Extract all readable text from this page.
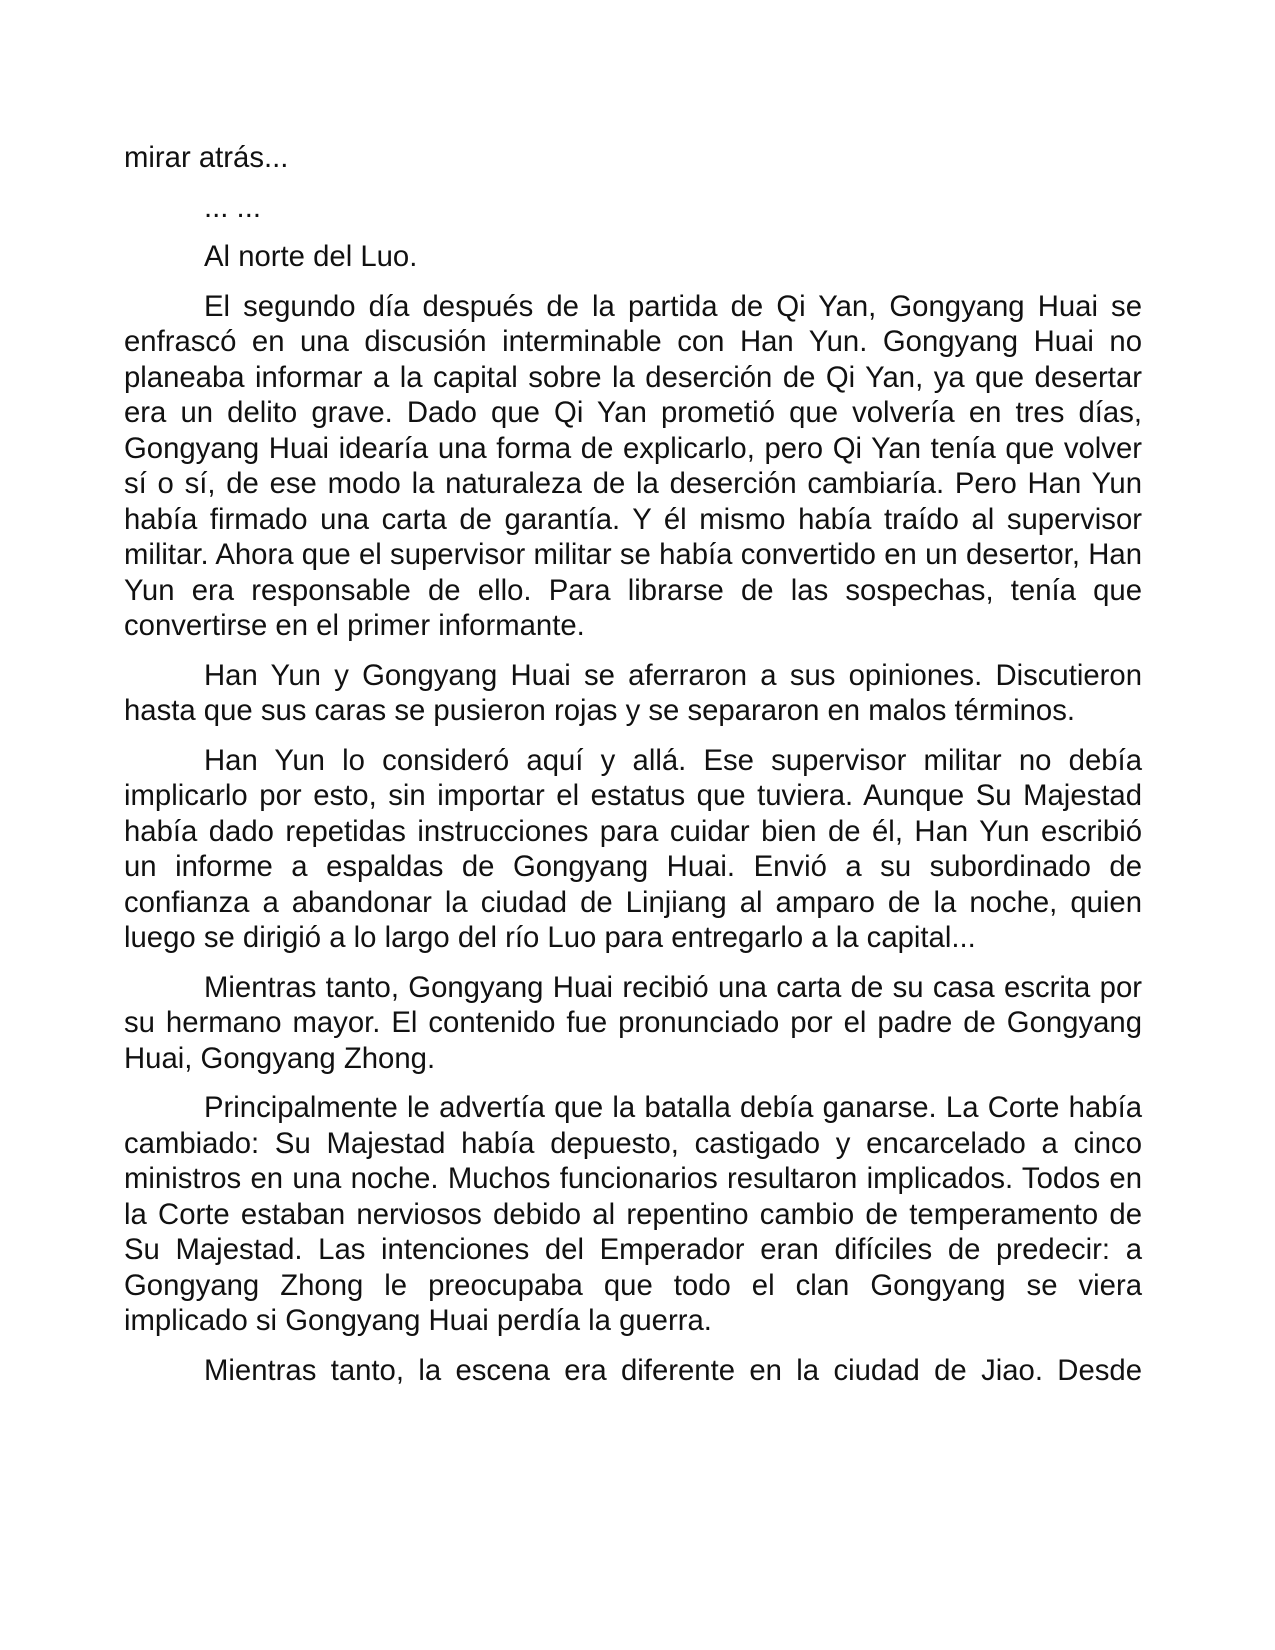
mirar atrás...

... ...

Al norte del Luo.

El segundo día después de la partida de Qi Yan, Gongyang Huai se enfrascó en una discusión interminable con Han Yun. Gongyang Huai no planeaba informar a la capital sobre la deserción de Qi Yan, ya que desertar era un delito grave. Dado que Qi Yan prometió que volvería en tres días, Gongyang Huai idearía una forma de explicarlo, pero Qi Yan tenía que volver sí o sí, de ese modo la naturaleza de la deserción cambiaría. Pero Han Yun había firmado una carta de garantía. Y él mismo había traído al supervisor militar. Ahora que el supervisor militar se había convertido en un desertor, Han Yun era responsable de ello. Para librarse de las sospechas, tenía que convertirse en el primer informante.

Han Yun y Gongyang Huai se aferraron a sus opiniones. Discutieron hasta que sus caras se pusieron rojas y se separaron en malos términos.

Han Yun lo consideró aquí y allá. Ese supervisor militar no debía implicarlo por esto, sin importar el estatus que tuviera. Aunque Su Majestad había dado repetidas instrucciones para cuidar bien de él, Han Yun escribió un informe a espaldas de Gongyang Huai. Envió a su subordinado de confianza a abandonar la ciudad de Linjiang al amparo de la noche, quien luego se dirigió a lo largo del río Luo para entregarlo a la capital...

Mientras tanto, Gongyang Huai recibió una carta de su casa escrita por su hermano mayor. El contenido fue pronunciado por el padre de Gongyang Huai, Gongyang Zhong.

Principalmente le advertía que la batalla debía ganarse. La Corte había cambiado: Su Majestad había depuesto, castigado y encarcelado a cinco ministros en una noche. Muchos funcionarios resultaron implicados. Todos en la Corte estaban nerviosos debido al repentino cambio de temperamento de Su Majestad. Las intenciones del Emperador eran difíciles de predecir: a Gongyang Zhong le preocupaba que todo el clan Gongyang se viera implicado si Gongyang Huai perdía la guerra.

Mientras tanto, la escena era diferente en la ciudad de Jiao. Desde
